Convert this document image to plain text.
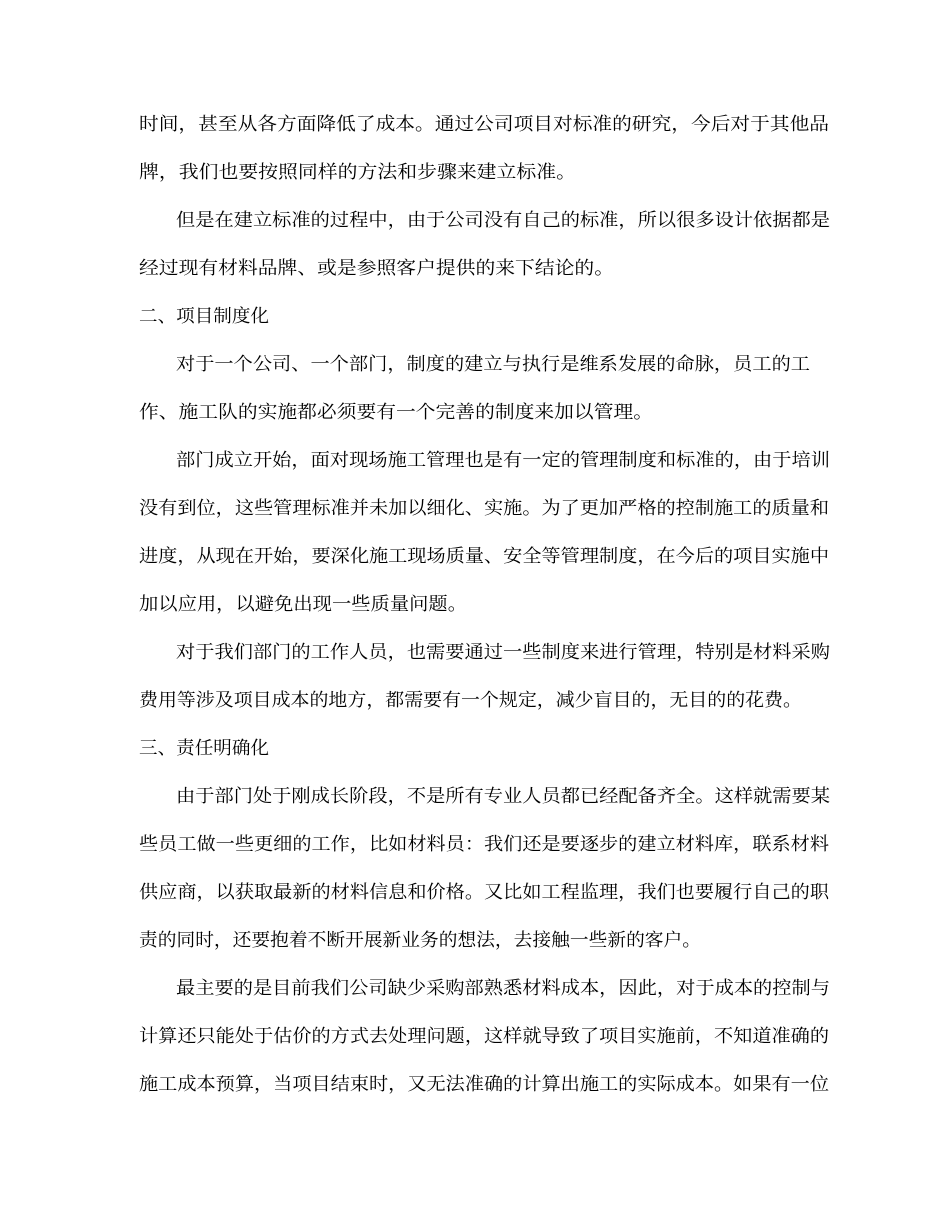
时间，甚至从各方面降低了成本。通过公司项目对标准的研究，今后对于其他品
牌，我们也要按照同样的方法和步骤来建立标准。
但是在建立标准的过程中，由于公司没有自己的标准，所以很多设计依据都是
经过现有材料品牌、或是参照客户提供的来下结论的。
二、项目制度化
对于一个公司、一个部门，制度的建立与执行是维系发展的命脉，员工的工
作、施工队的实施都必须要有一个完善的制度来加以管理。
部门成立开始，面对现场施工管理也是有一定的管理制度和标准的，由于培训
没有到位，这些管理标准并未加以细化、实施。为了更加严格的控制施工的质量和
进度，从现在开始，要深化施工现场质量、安全等管理制度，在今后的项目实施中
加以应用，以避免出现一些质量问题。
对于我们部门的工作人员，也需要通过一些制度来进行管理，特别是材料采购
费用等涉及项目成本的地方，都需要有一个规定，减少盲目的，无目的的花费。
三、责任明确化
由于部门处于刚成长阶段，不是所有专业人员都已经配备齐全。这样就需要某
些员工做一些更细的工作，比如材料员：我们还是要逐步的建立材料库，联系材料
供应商，以获取最新的材料信息和价格。又比如工程监理，我们也要履行自己的职
责的同时，还要抱着不断开展新业务的想法，去接触一些新的客户。
最主要的是目前我们公司缺少采购部熟悉材料成本，因此，对于成本的控制与
计算还只能处于估价的方式去处理问题，这样就导致了项目实施前，不知道准确的
施工成本预算，当项目结束时，又无法准确的计算出施工的实际成本。如果有一位
